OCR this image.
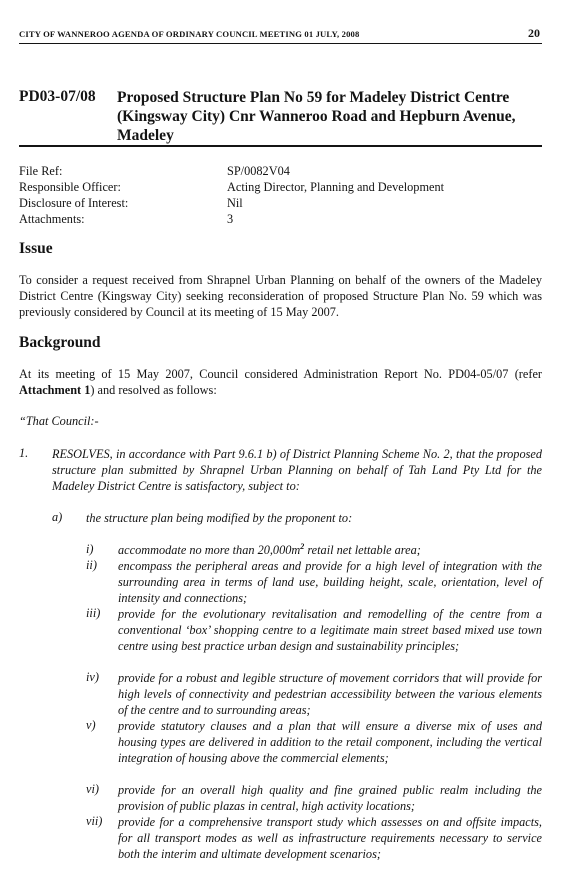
CITY OF WANNEROO AGENDA OF ORDINARY COUNCIL MEETING 01 JULY, 2008	20
PD03-07/08 Proposed Structure Plan No 59 for Madeley District Centre (Kingsway City) Cnr Wanneroo Road and Hepburn Avenue, Madeley
File Ref:	SP/0082V04
Responsible Officer:	Acting Director, Planning and Development
Disclosure of Interest:	Nil
Attachments:	3
Issue

To consider a request received from Shrapnel Urban Planning on behalf of the owners of the Madeley District Centre (Kingsway City) seeking reconsideration of proposed Structure Plan No. 59 which was previously considered by Council at its meeting of 15 May 2007.

Background

At its meeting of 15 May 2007, Council considered Administration Report No. PD04-05/07 (refer Attachment 1) and resolved as follows:

“That Council:-
1. RESOLVES, in accordance with Part 9.6.1 b) of District Planning Scheme No. 2, that the proposed structure plan submitted by Shrapnel Urban Planning on behalf of Tah Land Pty Ltd for the Madeley District Centre is satisfactory, subject to:
a) the structure plan being modified by the proponent to:
i) accommodate no more than $20,000m^2$ retail net lettable area;
ii) encompass the peripheral areas and provide for a high level of integration with the surrounding area in terms of land use, building height, scale, orientation, level of intensity and connections;
iii) provide for the evolutionary revitalisation and remodelling of the centre from a conventional ‘box’ shopping centre to a legitimate main street based mixed use town centre using best practice urban design and sustainability principles;
iv) provide for a robust and legible structure of movement corridors that will provide for high levels of connectivity and pedestrian accessibility between the various elements of the centre and to surrounding areas;
v) provide statutory clauses and a plan that will ensure a diverse mix of uses and housing types are delivered in addition to the retail component, including the vertical integration of housing above the commercial elements;
vi) provide for an overall high quality and fine grained public realm including the provision of public plazas in central, high activity locations;
vii) provide for a comprehensive transport study which assesses on and offsite impacts, for all transport modes as well as infrastructure requirements necessary to service both the interim and ultimate development scenarios;
